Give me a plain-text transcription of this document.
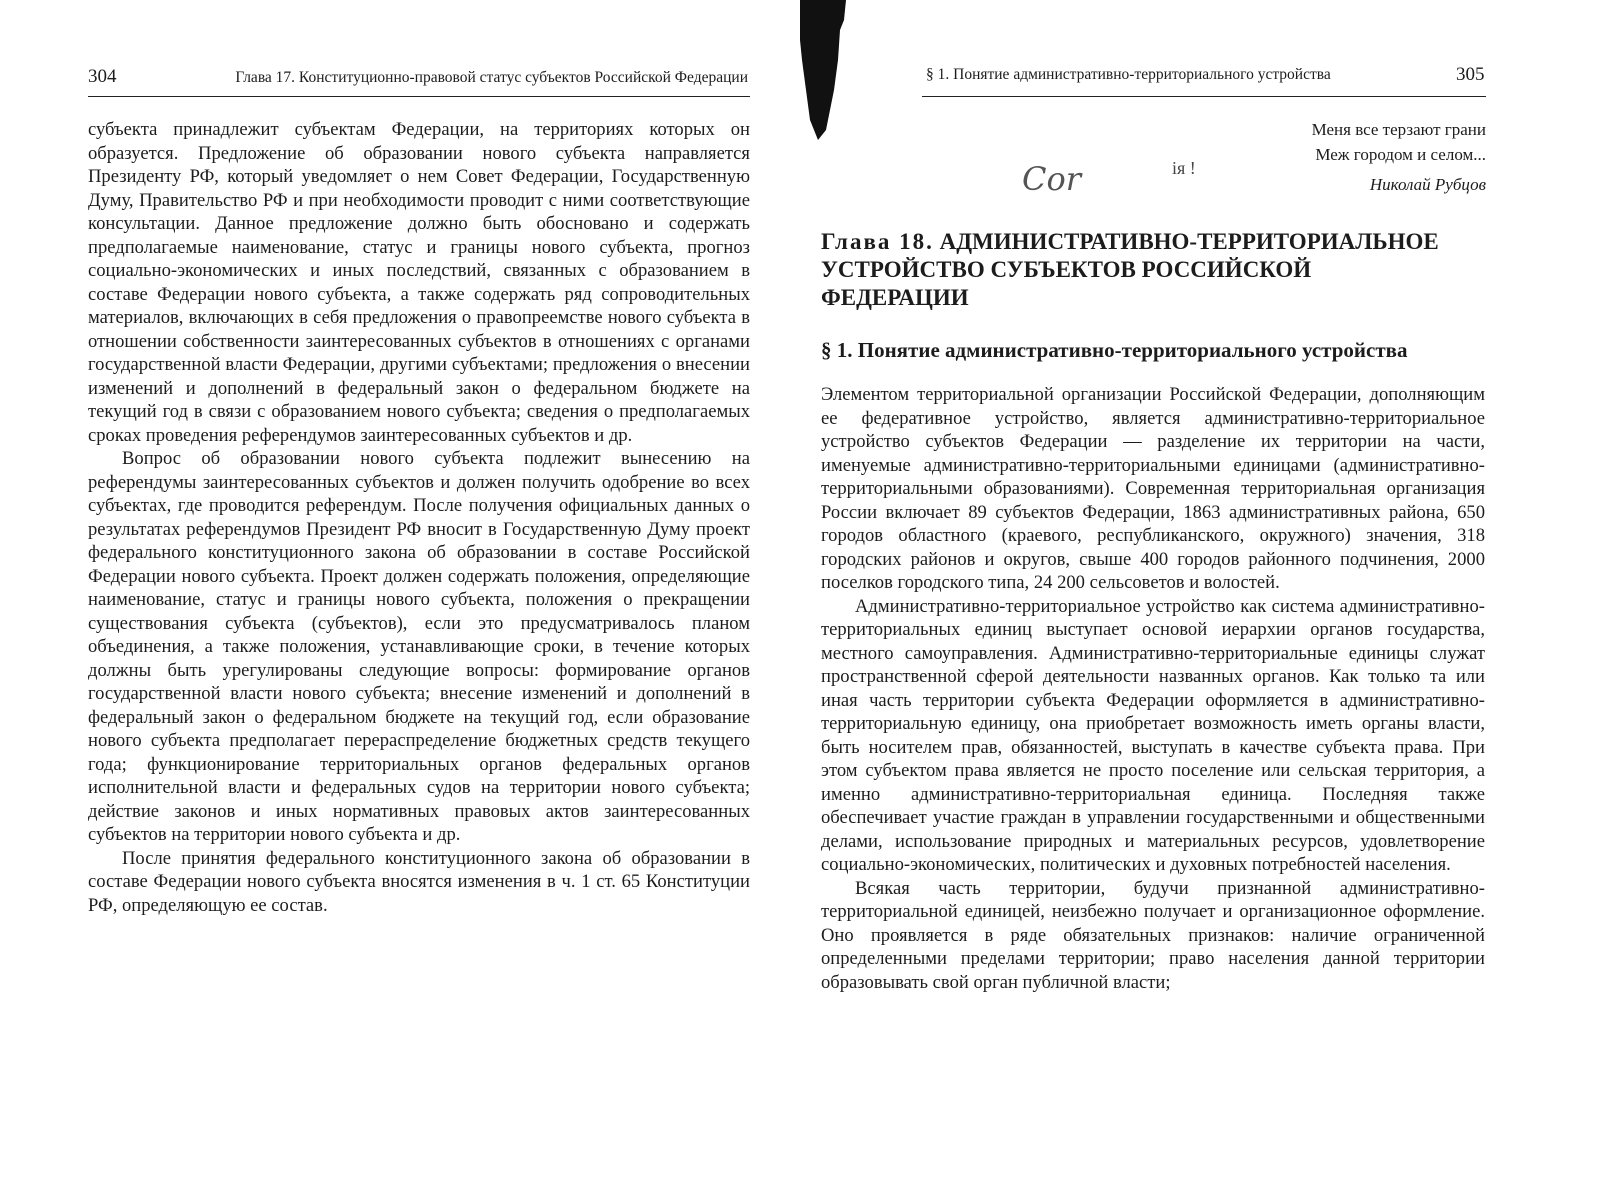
304	Глава 17. Конституционно-правовой статус субъектов Российской Федерации

субъекта принадлежит субъектам Федерации, на территориях которых он образуется. Предложение об образовании нового субъекта направляется Президенту РФ, который уведомляет о нем Совет Федерации, Государственную Думу, Правительство РФ и при необходимости проводит с ними соответствующие консультации. Данное предложение должно быть обосновано и содержать предполагаемые наименование, статус и границы нового субъекта, прогноз социально-экономических и иных последствий, связанных с образованием в составе Федерации нового субъекта, а также содержать ряд сопроводительных материалов, включающих в себя предложения о правопреемстве нового субъекта в отношении собственности заинтересованных субъектов в отношениях с органами государственной власти Федерации, другими субъектами; предложения о внесении изменений и дополнений в федеральный закон о федеральном бюджете на текущий год в связи с образованием нового субъекта; сведения о предполагаемых сроках проведения референдумов заинтересованных субъектов и др.

Вопрос об образовании нового субъекта подлежит вынесению на референдумы заинтересованных субъектов и должен получить одобрение во всех субъектах, где проводится референдум. После получения официальных данных о результатах референдумов Президент РФ вносит в Государственную Думу проект федерального конституционного закона об образовании в составе Российской Федерации нового субъекта. Проект должен содержать положения, определяющие наименование, статус и границы нового субъекта, положения о прекращении существования субъекта (субъектов), если это предусматривалось планом объединения, а также положения, устанавливающие сроки, в течение которых должны быть урегулированы следующие вопросы: формирование органов государственной власти нового субъекта; внесение изменений и дополнений в федеральный закон о федеральном бюджете на текущий год, если образование нового субъекта предполагает перераспределение бюджетных средств текущего года; функционирование территориальных органов федеральных органов исполнительной власти и федеральных судов на территории нового субъекта; действие законов и иных нормативных правовых актов заинтересованных субъектов на территории нового субъекта и др.

После принятия федерального конституционного закона об образовании в составе Федерации нового субъекта вносятся изменения в ч. 1 ст. 65 Конституции РФ, определяющую ее состав.

§ 1. Понятие административно-территориального устройства	305
Меня все терзают грани
Меж городом и селом...
Николай Рубцов
Cor	ія !
Глава 18. АДМИНИСТРАТИВНО-ТЕРРИТОРИАЛЬНОЕ УСТРОЙСТВО СУБЪЕКТОВ РОССИЙСКОЙ ФЕДЕРАЦИИ
§ 1. Понятие административно-территориального устройства

Элементом территориальной организации Российской Федерации, дополняющим ее федеративное устройство, является административно-территориальное устройство субъектов Федерации — разделение их территории на части, именуемые административно-территориальными единицами (административно-территориальными образованиями). Современная территориальная организация России включает 89 субъектов Федерации, 1863 административных района, 650 городов областного (краевого, республиканского, окружного) значения, 318 городских районов и округов, свыше 400 городов районного подчинения, 2000 поселков городского типа, 24 200 сельсоветов и волостей.

Административно-территориальное устройство как система административно-территориальных единиц выступает основой иерархии органов государства, местного самоуправления. Административно-территориальные единицы служат пространственной сферой деятельности названных органов. Как только та или иная часть территории субъекта Федерации оформляется в административно-территориальную единицу, она приобретает возможность иметь органы власти, быть носителем прав, обязанностей, выступать в качестве субъекта права. При этом субъектом права является не просто поселение или сельская территория, а именно административно-территориальная единица. Последняя также обеспечивает участие граждан в управлении государственными и общественными делами, использование природных и материальных ресурсов, удовлетворение социально-экономических, политических и духовных потребностей населения.

Всякая часть территории, будучи признанной административно-территориальной единицей, неизбежно получает и организационное оформление. Оно проявляется в ряде обязательных признаков: наличие ограниченной определенными пределами территории; право населения данной территории образовывать свой орган публичной власти;
